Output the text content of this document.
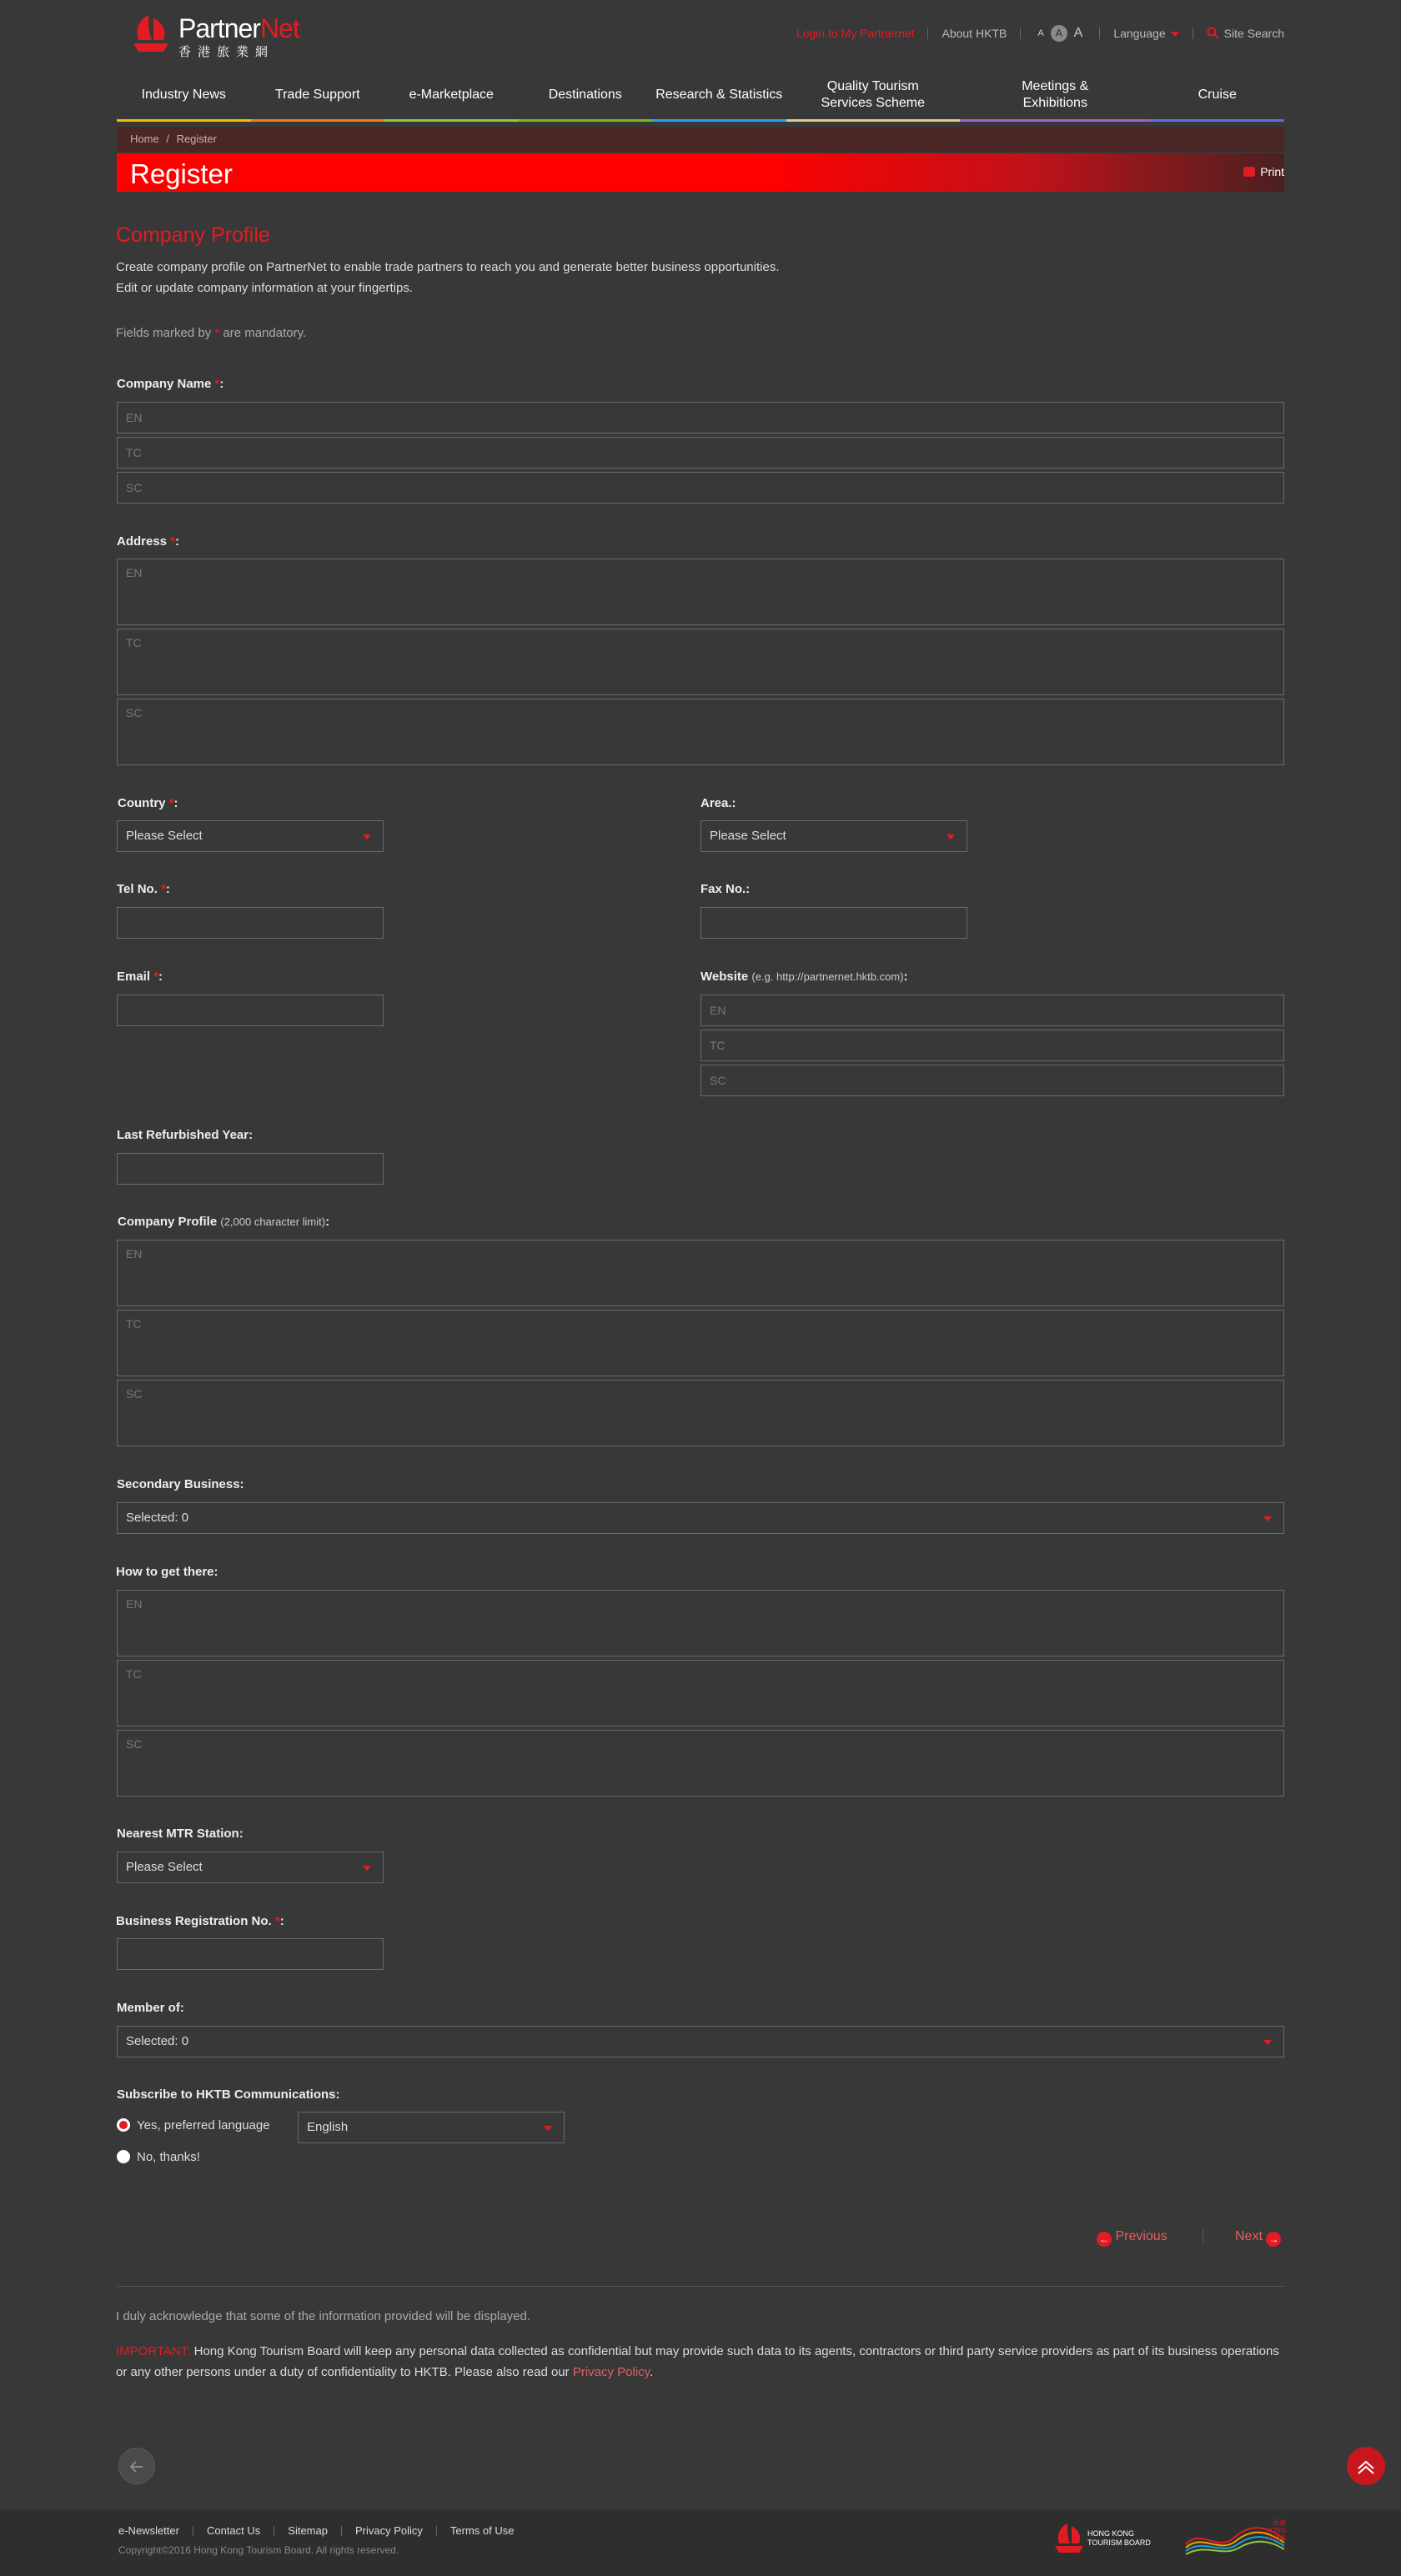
PartnerNet
香港旅業網
Login to My Partnernet About HKTB	A	A A	Language	Site Search
Industry News	Trade Support	e-Marketplace	Destinations	Research & Statistics
Quality Tourism Services Scheme
Meetings & Exhibitions
Cruise
Home / Register
Register	Print
Company Profile
Create company profile on PartnerNet to enable trade partners to reach you and generate better business opportunities.
Edit or update company information at your fingertips.
Fields marked by * are mandatory.
Company Name *:
EN
TC
SC
Address *:
EN
TC
SC
Country *:
Please Select
Area.:
Please Select
Tel No. *:	Fax No.:
Email *:	Website (e.g. http://partnernet.hktb.com):
EN
TC
SC
Last Refurbished Year:
Company Profile (2,000 character limit):
EN
TC
SC
Secondary Business:
Selected: 0
How to get there:
EN
TC
SC
Nearest MTR Station:
Please Select
Business Registration No. *:
Member of:
Selected: 0
Subscribe to HKTB Communications:
Yes, preferred language	English
No, thanks!
← Previous	Next →
I duly acknowledge that some of the information provided will be displayed.
IMPORTANT: Hong Kong Tourism Board will keep any personal data collected as confidential but may provide such data to its agents, contractors or third party service providers as part of its business operations or any other persons under a duty of confidentiality to HKTB. Please also read our Privacy Policy.
e-Newsletter	Contact Us	Sitemap	Privacy Policy	Terms of Use
Copyright©2016 Hong Kong Tourism Board. All rights reserved.
HONG KONG TOURISM BOARD
香港 HONG KONG
